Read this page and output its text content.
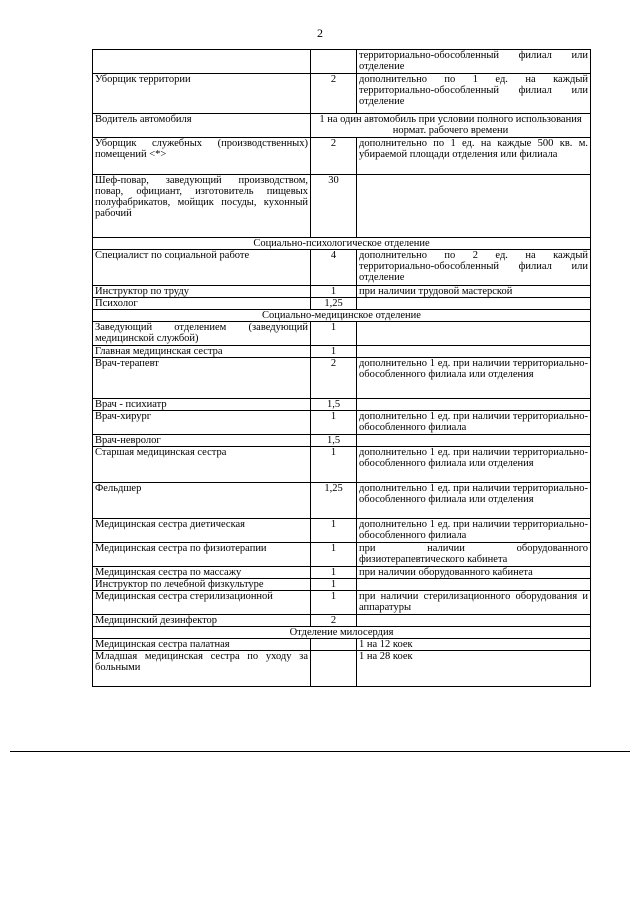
2
		территориально-обособленный филиал или отделение
Уборщик территории	2	дополнительно по 1 ед. на каждый территориально-обособленный филиал или отделение
Водитель автомобиля	1 на один автомобиль при условии полного использования нормат. рабочего времени	
Уборщик служебных (производственных) помещений <*>	2	дополнительно по 1 ед. на каждые 500 кв. м. убираемой площади отделения или филиала
Шеф-повар, заведующий производством, повар, официант, изготовитель пищевых полуфабрикатов, мойщик посуды, кухонный рабочий	30	
Социально-психологическое отделение		
Специалист по социальной работе	4	дополнительно по 2 ед. на каждый территориально-обособленный филиал или отделение
Инструктор по труду	1	при наличии трудовой мастерской
Психолог	1,25	
Социально-медицинское отделение		
Заведующий отделением (заведующий медицинской службой)	1	
Главная медицинская сестра	1	
Врач-терапевт	2	дополнительно 1 ед. при наличии территориально-обособленного филиала или отделения
Врач - психиатр	1,5	
Врач-хирург	1	дополнительно 1 ед. при наличии территориально-обособленного филиала
Врач-невролог	1,5	
Старшая медицинская сестра	1	дополнительно 1 ед. при наличии территориально-обособленного филиала или отделения
Фельдшер	1,25	дополнительно 1 ед. при наличии территориально-обособленного филиала или отделения
Медицинская сестра диетическая	1	дополнительно 1 ед. при наличии территориально-обособленного филиала
Медицинская сестра по физиотерапии	1	при наличии оборудованного физиотерапевтического кабинета
Медицинская сестра по массажу	1	при наличии оборудованного кабинета
Инструктор по лечебной физкультуре	1	
Медицинская сестра стерилизационной	1	при наличии стерилизационного оборудования и аппаратуры
Медицинский дезинфектор	2	
Отделение милосердия		
Медицинская сестра палатная		1 на 12 коек
Младшая медицинская сестра по уходу за больными		1 на 28 коек
